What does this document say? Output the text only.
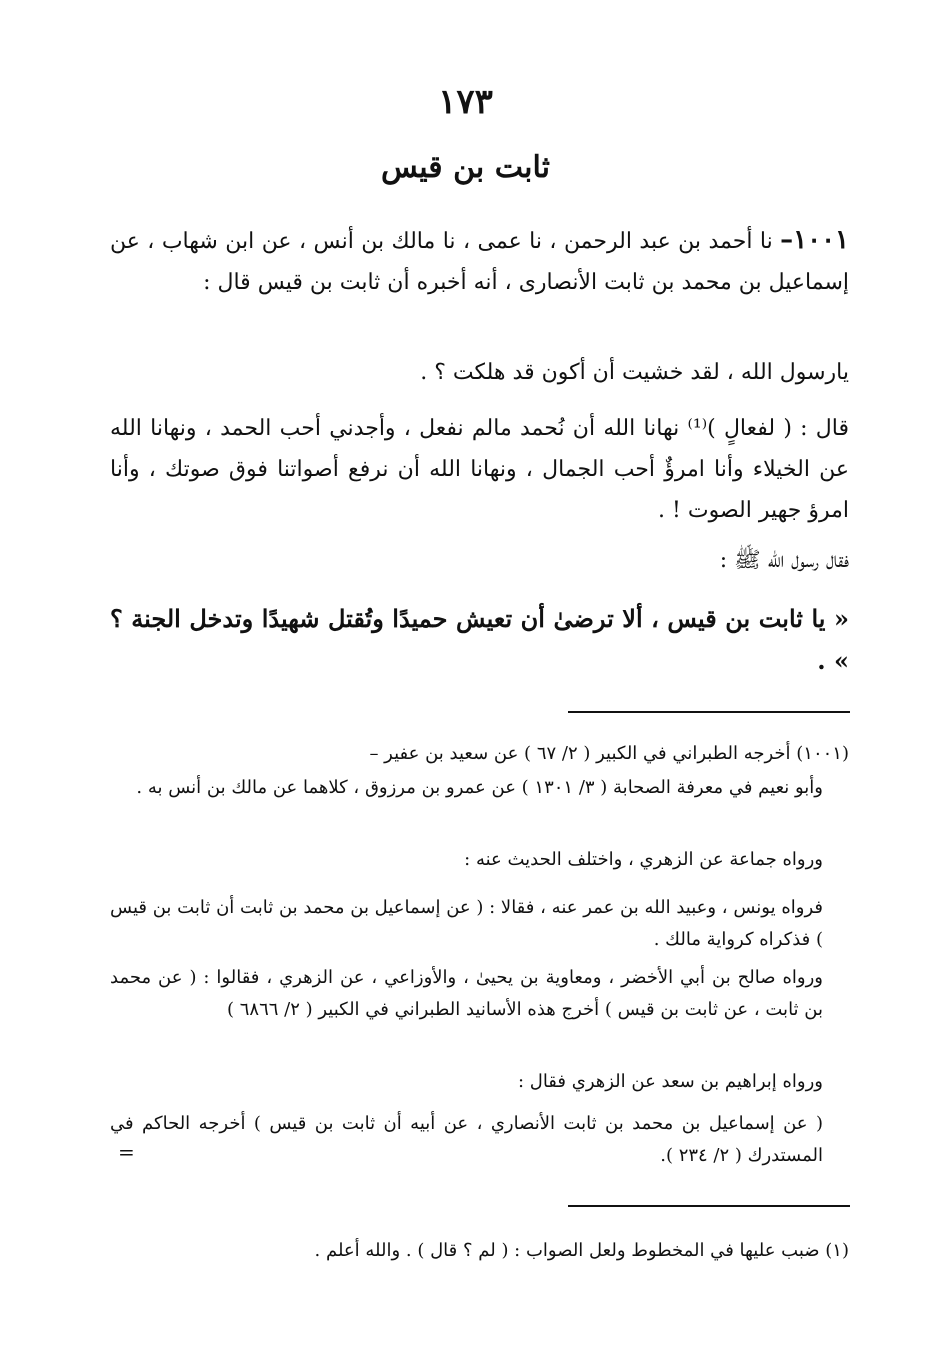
١٧٣
ثابت بن قيس
١٠٠١– نا أحمد بن عبد الرحمن ، نا عمى ، نا مالك بن أنس ، عن ابن شهاب ، عن إسماعيل بن محمد بن ثابت الأنصارى ، أنه أخبره أن ثابت بن قيس قال :
يارسول الله ، لقد خشيت أن أكون قد هلكت ؟ .
قال : ( لفعالٍ )⁽¹⁾ نهانا الله أن نُحمد مالم نفعل ، وأجدني أحب الحمد ، ونهانا الله عن الخيلاء وأنا امرؤٌ أحب الجمال ، ونهانا الله أن نرفع أصواتنا فوق صوتك ، وأنا امرؤ جهير الصوت ! .
فقال رسول الله ﷺ :
« يا ثابت بن قيس ، ألا ترضىٰ أن تعيش حميدًا وتُقتل شهيدًا وتدخل الجنة ؟ » .
(١٠٠١) أخرجه الطبراني في الكبير ( ٢/ ٦٧ ) عن سعيد بن عفير –
وأبو نعيم في معرفة الصحابة ( ٣/ ١٣٠١ ) عن عمرو بن مرزوق ، كلاهما عن مالك بن أنس به .
ورواه جماعة عن الزهري ، واختلف الحديث عنه :
فرواه يونس ، وعبيد الله بن عمر عنه ، فقالا : ( عن إسماعيل بن محمد بن ثابت أن ثابت بن قيس ) فذكراه كرواية مالك .
ورواه صالح بن أبي الأخضر ، ومعاوية بن يحيىٰ ، والأوزاعي ، عن الزهري ، فقالوا : ( عن محمد بن ثابت ، عن ثابت بن قيس ) أخرج هذه الأسانيد الطبراني في الكبير ( ٢/ ٦٨٦٦ )
ورواه إبراهيم بن سعد عن الزهري فقال :
( عن إسماعيل بن محمد بن ثابت الأنصاري ، عن أبيه أن ثابت بن قيس ) أخرجه الحاكم في المستدرك ( ٢/ ٢٣٤ ).
=
(١) ضبب عليها في المخطوط ولعل الصواب : ( لم ؟ قال ) . والله أعلم .
